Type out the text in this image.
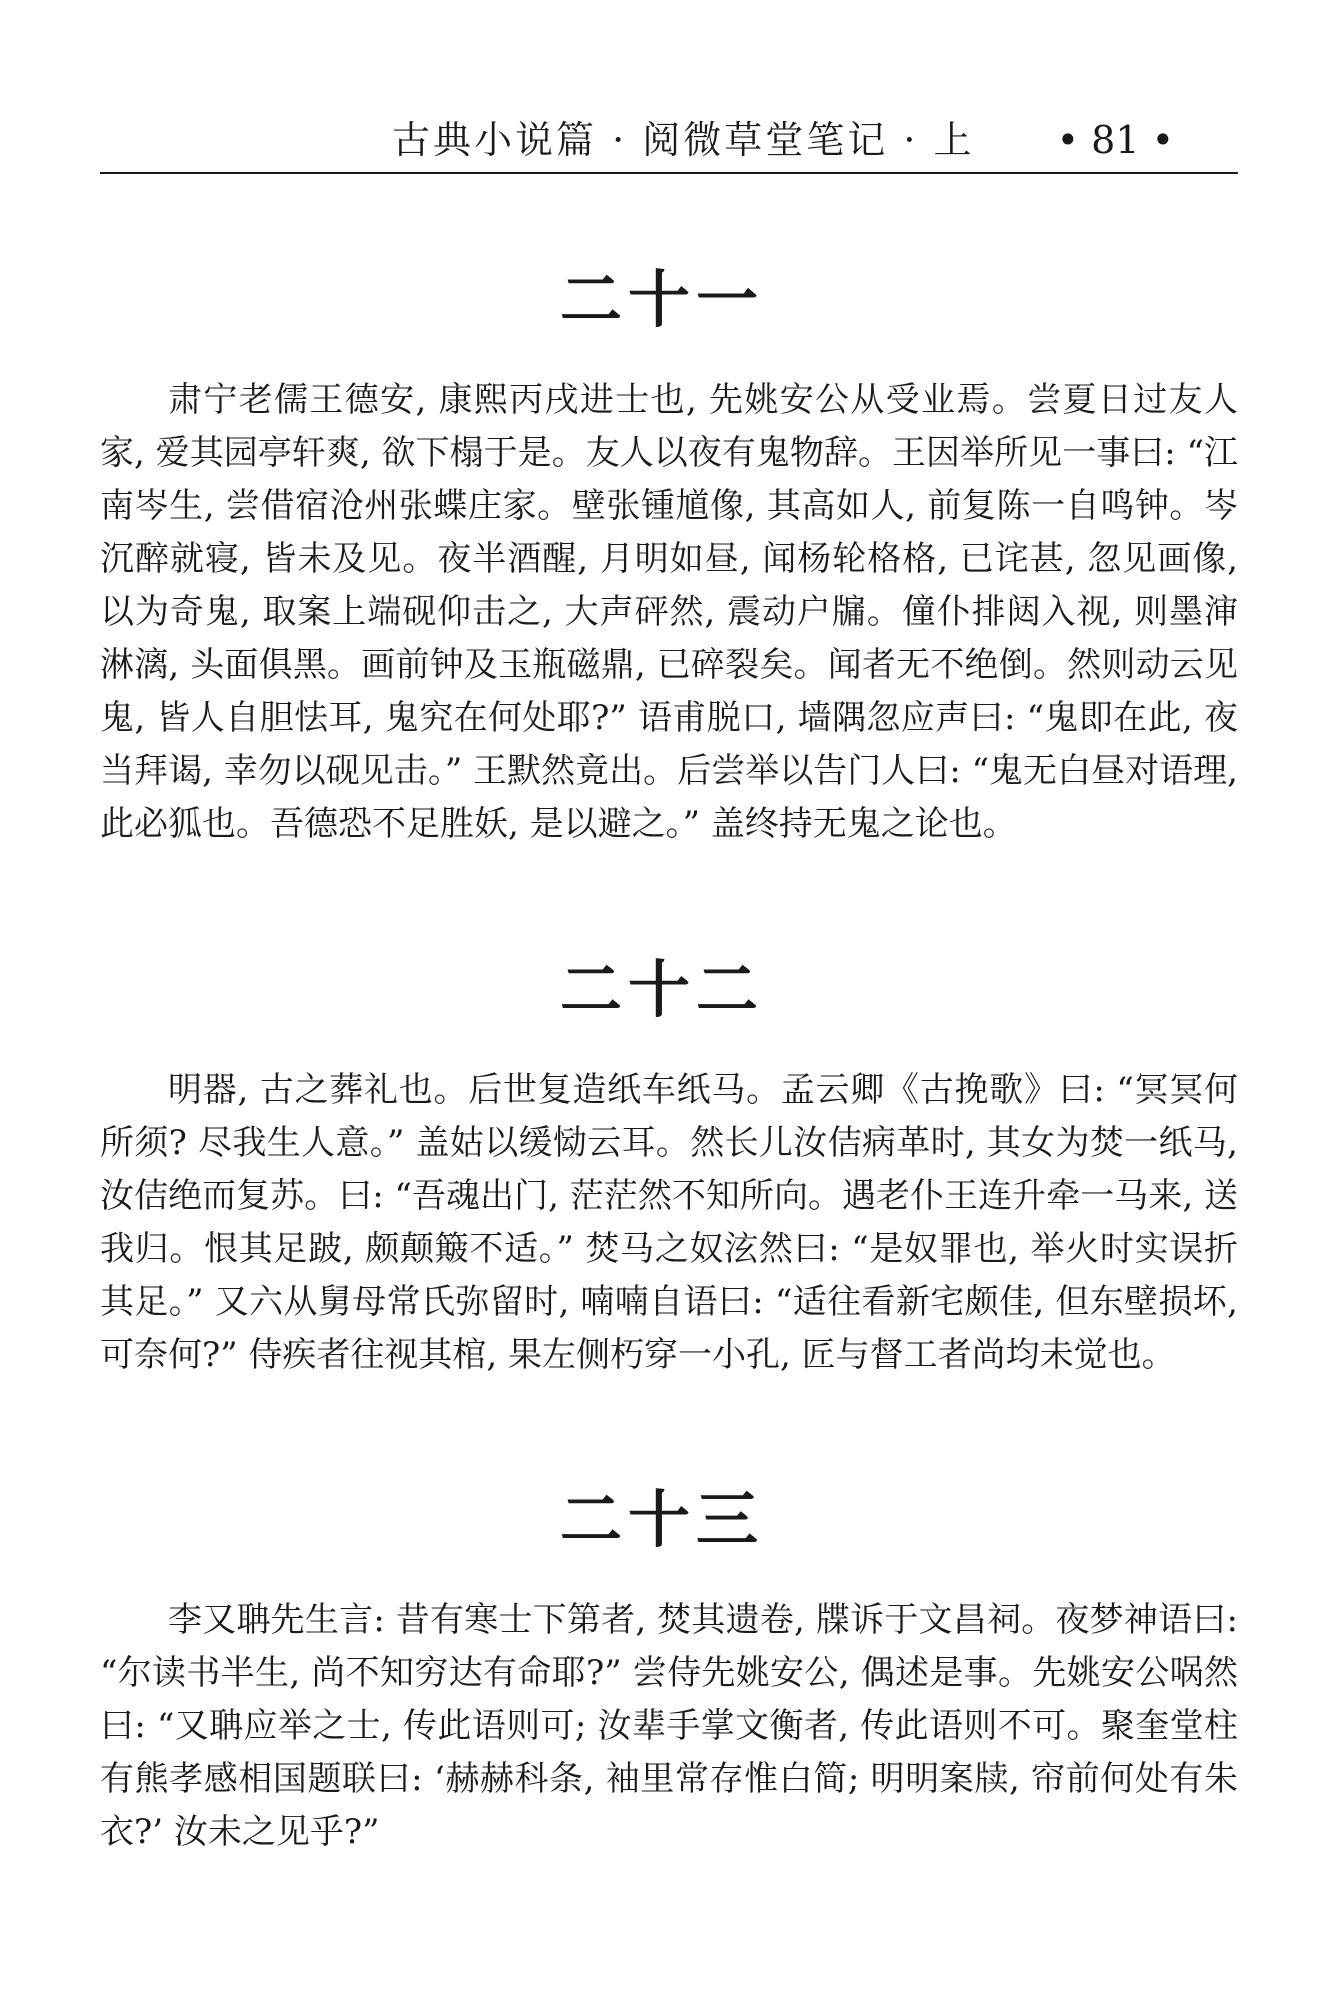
古典小说篇 · 阅微草堂笔记 · 上 • 81 •
二十一

肃宁老儒王德安, 康熙丙戌进士也, 先姚安公从受业焉。尝夏日过友人家, 爱其园亭轩爽, 欲下榻于是。友人以夜有鬼物辞。王因举所见一事曰: “江南岑生, 尝借宿沧州张蝶庄家。壁张锺馗像, 其高如人, 前复陈一自鸣钟。岑沉醉就寝, 皆未及见。夜半酒醒, 月明如昼, 闻杨轮格格, 已诧甚, 忽见画像, 以为奇鬼, 取案上端砚仰击之, 大声砰然, 震动户牖。僮仆排闼入视, 则墨渖淋漓, 头面俱黑。画前钟及玉瓶磁鼎, 已碎裂矣。闻者无不绝倒。然则动云见鬼, 皆人自胆怯耳, 鬼究在何处耶?” 语甫脱口, 墙隅忽应声曰: “鬼即在此, 夜当拜谒, 幸勿以砚见击。” 王默然竟出。后尝举以告门人曰: “鬼无白昼对语理, 此必狐也。吾德恐不足胜妖, 是以避之。” 盖终持无鬼之论也。

二十二

明器, 古之葬礼也。后世复造纸车纸马。孟云卿《古挽歌》曰: “冥冥何所须? 尽我生人意。” 盖姑以缓恸云耳。然长儿汝佶病革时, 其女为焚一纸马, 汝佶绝而复苏。曰: “吾魂出门, 茫茫然不知所向。遇老仆王连升牵一马来, 送我归。恨其足跛, 颇颠簸不适。” 焚马之奴泫然曰: “是奴罪也, 举火时实误折其足。” 又六从舅母常氏弥留时, 喃喃自语曰: “适往看新宅颇佳, 但东壁损坏, 可奈何?” 侍疾者往视其棺, 果左侧朽穿一小孔, 匠与督工者尚均未觉也。

二十三

李又聃先生言: 昔有寒士下第者, 焚其遗卷, 牒诉于文昌祠。夜梦神语曰: “尔读书半生, 尚不知穷达有命耶?” 尝侍先姚安公, 偶述是事。先姚安公㖞然曰: “又聃应举之士, 传此语则可; 汝辈手掌文衡者, 传此语则不可。聚奎堂柱有熊孝感相国题联曰: ‘赫赫科条, 袖里常存惟白简; 明明案牍, 帘前何处有朱衣?’ 汝未之见乎?”
